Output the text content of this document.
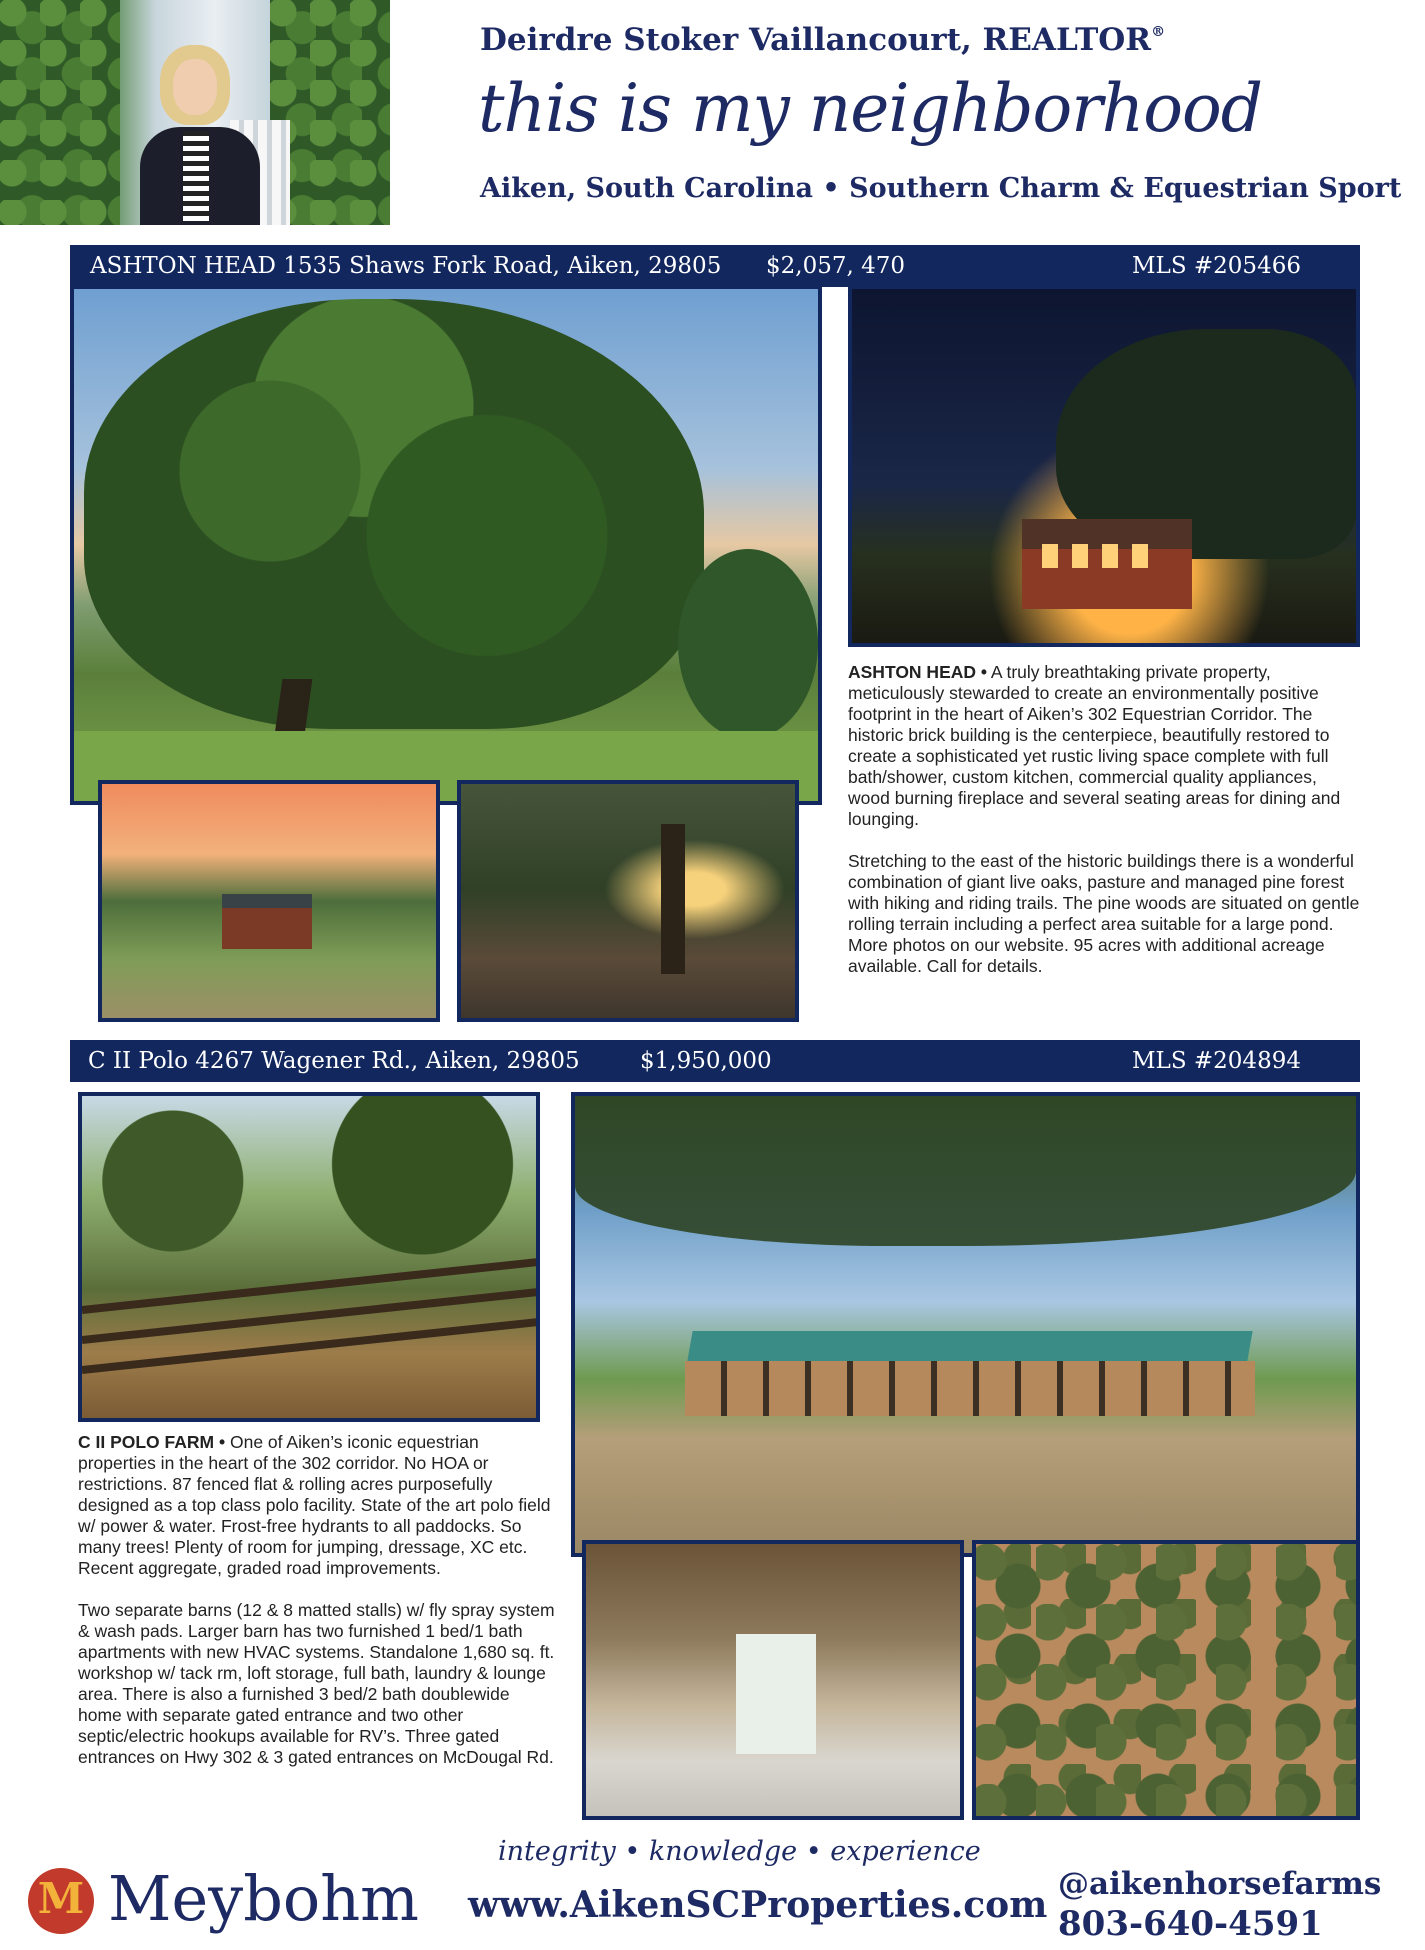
Deirdre Stoker Vaillancourt, REALTOR®
this is my neighborhood
Aiken, South Carolina • Southern Charm & Equestrian Sport
ASHTON HEAD 1535 Shaws Fork Road, Aiken, 29805 $2,057, 470	MLS #205466

ASHTON HEAD • A truly breathtaking private property, meticulously stewarded to create an environmentally positive footprint in the heart of Aiken’s 302 Equestrian Corridor. The historic brick building is the centerpiece, beautifully restored to create a sophisticated yet rustic living space complete with full bath/shower, custom kitchen, commercial quality appliances, wood burning fireplace and several seating areas for dining and lounging.

Stretching to the east of the historic buildings there is a wonderful combination of giant live oaks, pasture and managed pine forest with hiking and riding trails. The pine woods are situated on gentle rolling terrain including a perfect area suitable for a large pond. More photos on our website. 95 acres with additional acreage available. Call for details.

C II Polo 4267 Wagener Rd., Aiken, 29805	$1,950,000	MLS #204894

C II POLO FARM • One of Aiken’s iconic equestrian properties in the heart of the 302 corridor. No HOA or restrictions. 87 fenced flat & rolling acres purposefully designed as a top class polo facility. State of the art polo field w/ power & water. Frost-free hydrants to all paddocks. So many trees! Plenty of room for jumping, dressage, XC etc. Recent aggregate, graded road improvements.

Two separate barns (12 & 8 matted stalls) w/ fly spray system & wash pads. Larger barn has two furnished 1 bed/1 bath apartments with new HVAC systems. Standalone 1,680 sq. ft. workshop w/ tack rm, loft storage, full bath, laundry & lounge area. There is also a furnished 3 bed/2 bath doublewide home with separate gated entrance and two other septic/electric hookups available for RV’s. Three gated entrances on Hwy 302 & 3 gated entrances on McDougal Rd.

integrity • knowledge • experience
M
Meybohm www.AikenSCProperties.com @aikenhorsefarms
803-640-4591
